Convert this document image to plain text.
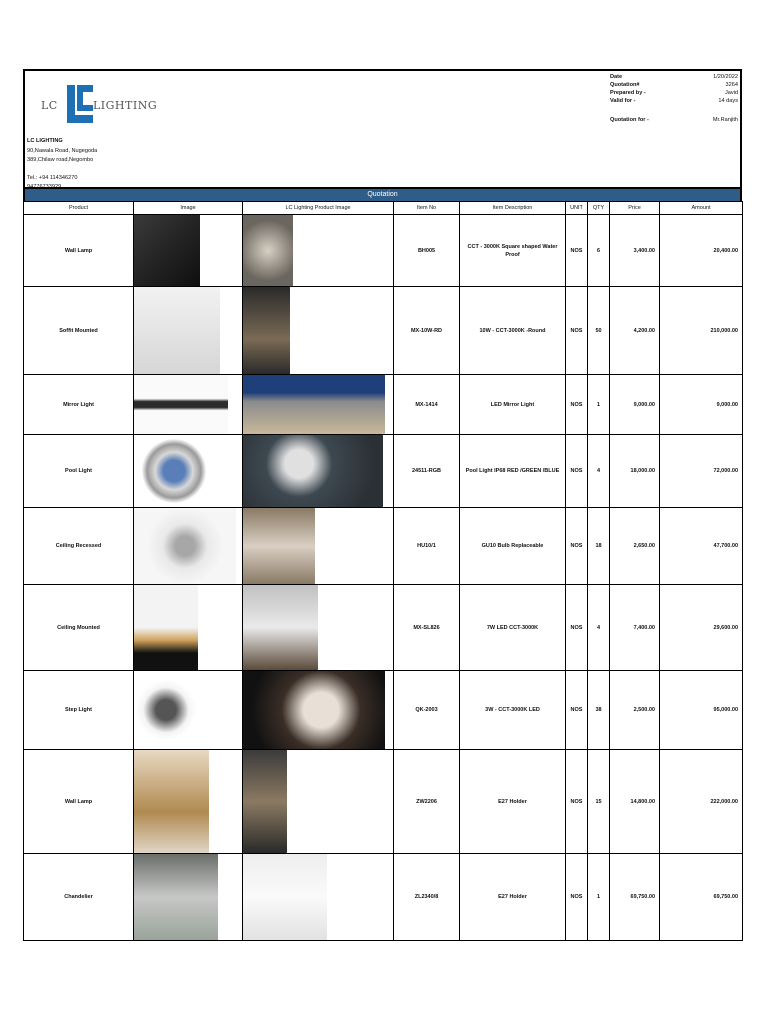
LC	LIGHTING
LC LIGHTING
90,Nawala Road, Nugegoda
389,Chilaw road,Negombo
Tel.: +94 114346270
94776733929
Date	1/20/2022
Quotation#	3264
Prepared by -	Javid
Valid for -	14 days
Quotation for -	Mr.Ranjith
Quotation
Product	Image	LC Lighting Product Image	Item No	Item Description	UNIT	QTY	Price	Amount
Wall Lamp			BH005	CCT - 3000K Square shaped Water Proof	NOS	6	3,400.00	20,400.00
Soffit Mounted			MX-10W-RD	10W - CCT-3000K -Round	NOS	50	4,200.00	210,000.00
Mirror Light			MX-1414	LED Mirror Light	NOS	1	9,000.00	9,000.00
Pool Light			24511-RGB	Pool Light IP68 RED /GREEN /BLUE	NOS	4	18,000.00	72,000.00
Ceiling Recessed			HU10/1	GU10 Bulb Replaceable	NOS	18	2,650.00	47,700.00
Ceiling Mounted			MX-SL826	7W LED CCT-3000K	NOS	4	7,400.00	29,600.00
Step Light			QK-2003	3W - CCT-3000K LED	NOS	38	2,500.00	95,000.00
Wall Lamp			ZW2206	E27 Holder	NOS	15	14,800.00	222,000.00
Chandelier			ZL2340/8	E27 Holder	NOS	1	69,750.00	69,750.00
